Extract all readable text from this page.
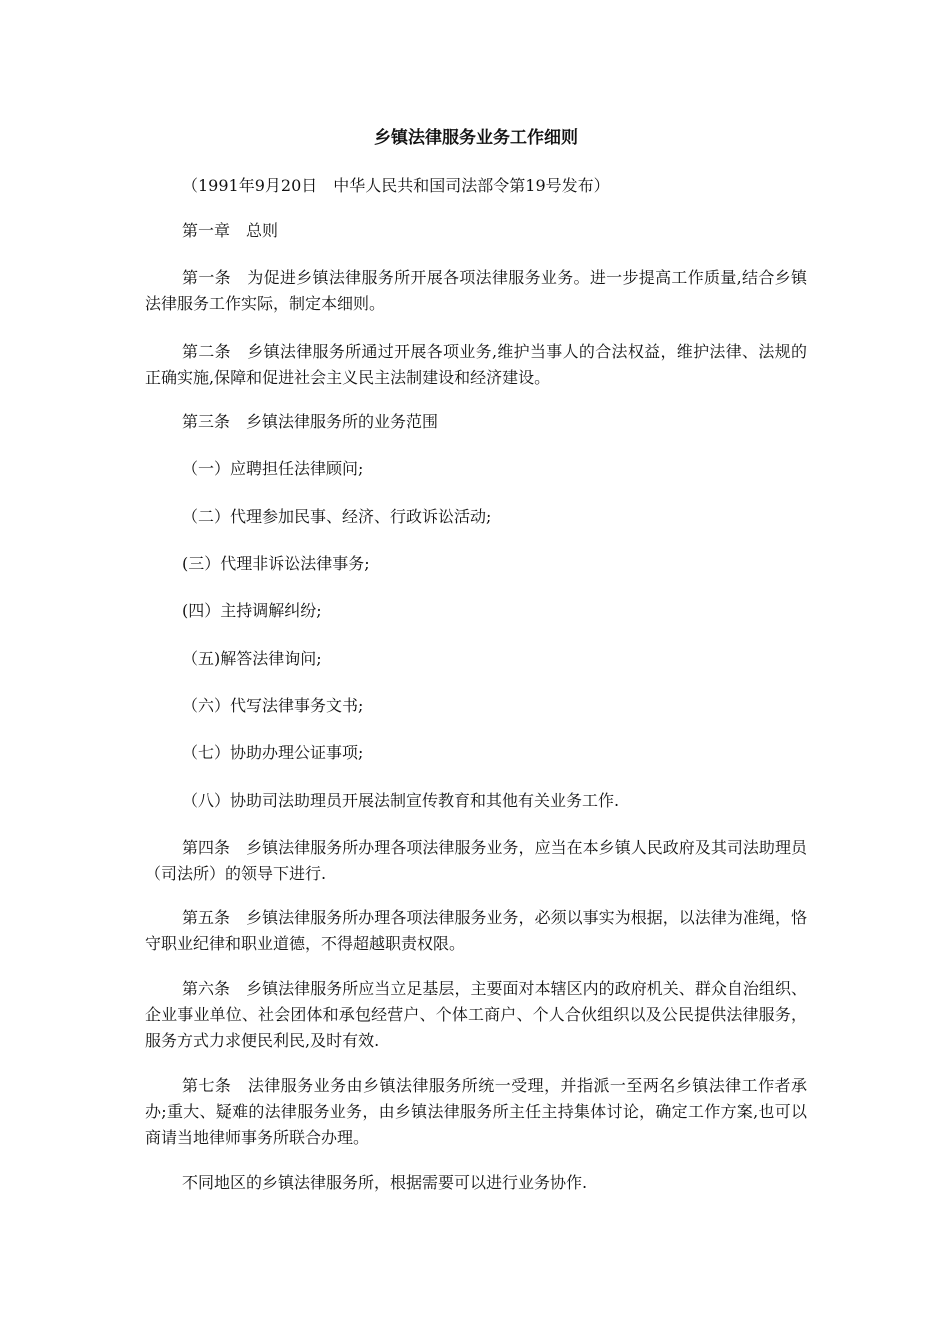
乡镇法律服务业务工作细则

（1991年9月20日　中华人民共和国司法部令第19号发布）

第一章　总则

第一条　为促进乡镇法律服务所开展各项法律服务业务。进一步提高工作质量,结合乡镇法律服务工作实际，制定本细则。

第二条　乡镇法律服务所通过开展各项业务,维护当事人的合法权益，维护法律、法规的正确实施,保障和促进社会主义民主法制建设和经济建设。

第三条　乡镇法律服务所的业务范围

（一）应聘担任法律顾问;

（二）代理参加民事、经济、行政诉讼活动;

(三）代理非诉讼法律事务;

(四）主持调解纠纷;

（五)解答法律询问;

（六）代写法律事务文书;

（七）协助办理公证事项;

（八）协助司法助理员开展法制宣传教育和其他有关业务工作.

第四条　乡镇法律服务所办理各项法律服务业务，应当在本乡镇人民政府及其司法助理员（司法所）的领导下进行.

第五条　乡镇法律服务所办理各项法律服务业务，必须以事实为根据，以法律为准绳，恪守职业纪律和职业道德，不得超越职责权限。

第六条　乡镇法律服务所应当立足基层，主要面对本辖区内的政府机关、群众自治组织、企业事业单位、社会团体和承包经营户、个体工商户、个人合伙组织以及公民提供法律服务，服务方式力求便民利民,及时有效.

第七条　法律服务业务由乡镇法律服务所统一受理，并指派一至两名乡镇法律工作者承办;重大、疑难的法律服务业务，由乡镇法律服务所主任主持集体讨论，确定工作方案,也可以商请当地律师事务所联合办理。

不同地区的乡镇法律服务所，根据需要可以进行业务协作.
